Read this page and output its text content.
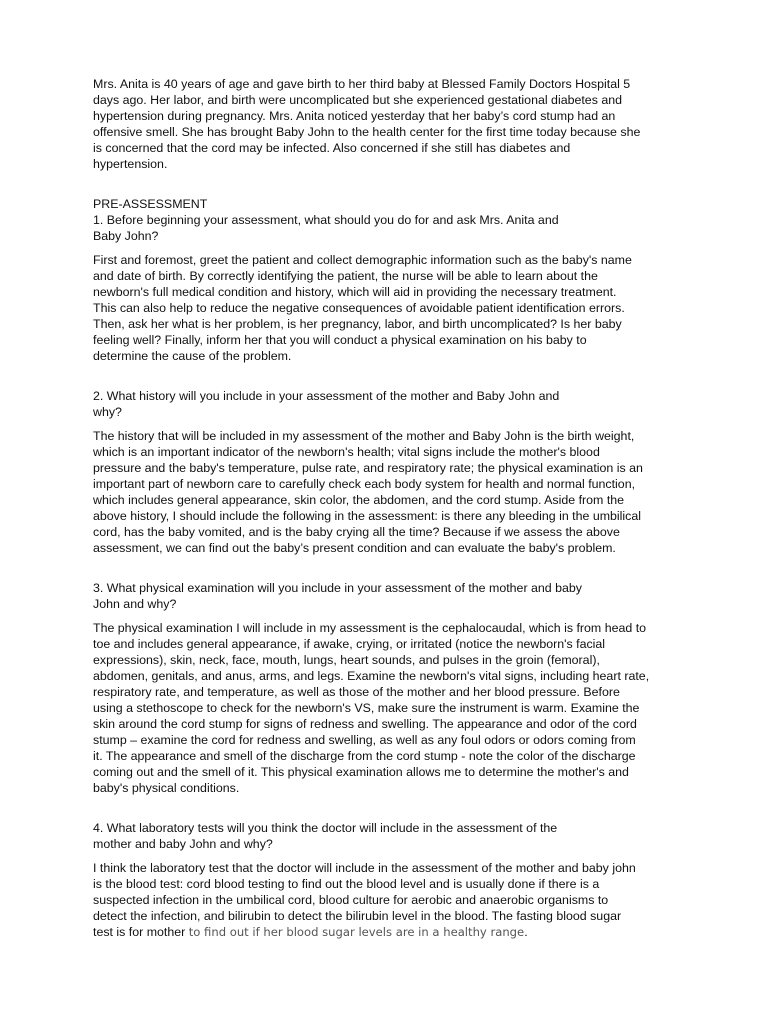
Mrs. Anita is 40 years of age and gave birth to her third baby at Blessed Family Doctors Hospital 5
days ago. Her labor, and birth were uncomplicated but she experienced gestational diabetes and
hypertension during pregnancy. Mrs. Anita noticed yesterday that her baby’s cord stump had an
offensive smell. She has brought Baby John to the health center for the first time today because she
is concerned that the cord may be infected. Also concerned if she still has diabetes and
hypertension.

PRE-ASSESSMENT

1. Before beginning your assessment, what should you do for and ask Mrs. Anita and
Baby John?

First and foremost, greet the patient and collect demographic information such as the baby's name
and date of birth. By correctly identifying the patient, the nurse will be able to learn about the
newborn's full medical condition and history, which will aid in providing the necessary treatment.
This can also help to reduce the negative consequences of avoidable patient identification errors.
Then, ask her what is her problem, is her pregnancy, labor, and birth uncomplicated? Is her baby
feeling well? Finally, inform her that you will conduct a physical examination on his baby to
determine the cause of the problem.

2. What history will you include in your assessment of the mother and Baby John and
why?

The history that will be included in my assessment of the mother and Baby John is the birth weight,
which is an important indicator of the newborn's health; vital signs include the mother's blood
pressure and the baby's temperature, pulse rate, and respiratory rate; the physical examination is an
important part of newborn care to carefully check each body system for health and normal function,
which includes general appearance, skin color, the abdomen, and the cord stump. Aside from the
above history, I should include the following in the assessment: is there any bleeding in the umbilical
cord, has the baby vomited, and is the baby crying all the time? Because if we assess the above
assessment, we can find out the baby’s present condition and can evaluate the baby's problem.

3. What physical examination will you include in your assessment of the mother and baby
John and why?

The physical examination I will include in my assessment is the cephalocaudal, which is from head to
toe and includes general appearance, if awake, crying, or irritated (notice the newborn's facial
expressions), skin, neck, face, mouth, lungs, heart sounds, and pulses in the groin (femoral),
abdomen, genitals, and anus, arms, and legs. Examine the newborn's vital signs, including heart rate,
respiratory rate, and temperature, as well as those of the mother and her blood pressure. Before
using a stethoscope to check for the newborn's VS, make sure the instrument is warm. Examine the
skin around the cord stump for signs of redness and swelling. The appearance and odor of the cord
stump – examine the cord for redness and swelling, as well as any foul odors or odors coming from
it. The appearance and smell of the discharge from the cord stump - note the color of the discharge
coming out and the smell of it. This physical examination allows me to determine the mother's and
baby's physical conditions.

4. What laboratory tests will you think the doctor will include in the assessment of the
mother and baby John and why?

I think the laboratory test that the doctor will include in the assessment of the mother and baby john
is the blood test: cord blood testing to find out the blood level and is usually done if there is a
suspected infection in the umbilical cord, blood culture for aerobic and anaerobic organisms to
detect the infection, and bilirubin to detect the bilirubin level in the blood. The fasting blood sugar
test is for mother to find out if her blood sugar levels are in a healthy range.
